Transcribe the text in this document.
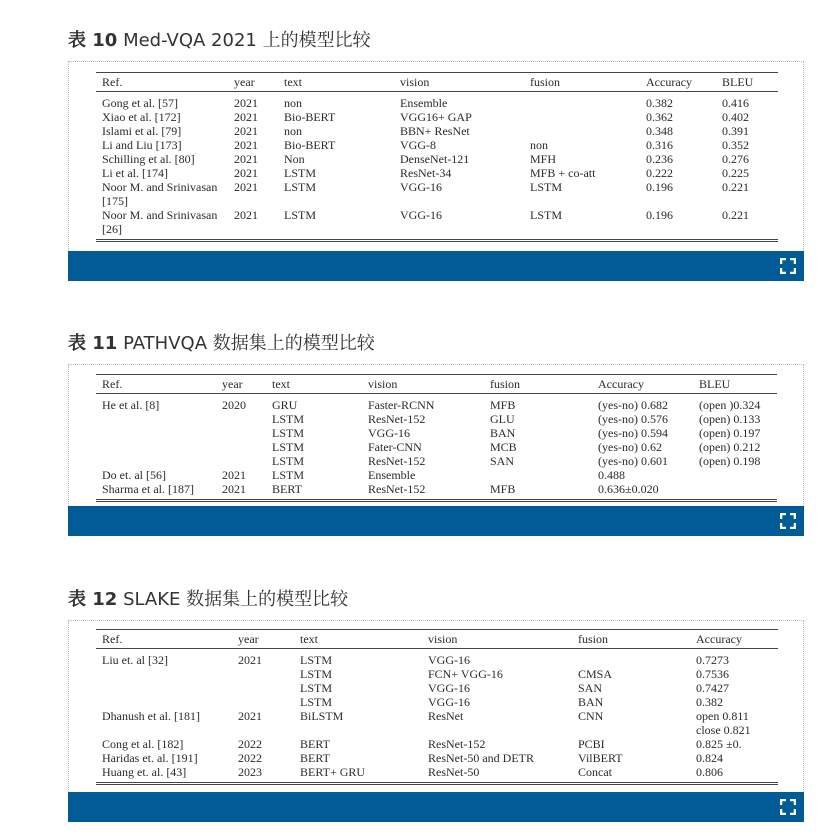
表 10 Med-VQA 2021 上的模型比较
Ref.	year	text	vision	fusion	Accuracy	BLEU
Gong et al. [57]	2021	non	Ensemble		0.382	0.416
Xiao et al. [172]	2021	Bio-BERT	VGG16+ GAP		0.362	0.402
Islami et al. [79]	2021	non	BBN+ ResNet		0.348	0.391
Li and Liu [173]	2021	Bio-BERT	VGG-8	non	0.316	0.352
Schilling et al. [80]	2021	Non	DenseNet-121	MFH	0.236	0.276
Li et al. [174]	2021	LSTM	ResNet-34	MFB + co-att	0.222	0.225
Noor M. and Srinivasan [175]	2021	LSTM	VGG-16	LSTM	0.196	0.221
Noor M. and Srinivasan [26]	2021	LSTM	VGG-16	LSTM	0.196	0.221
表 11 PATHVQA 数据集上的模型比较
Ref.	year	text	vision	fusion	Accuracy	BLEU
He et al. [8]	2020	GRU	Faster-RCNN	MFB	(yes-no) 0.682	(open )0.324
		LSTM	ResNet-152	GLU	(yes-no) 0.576	(open) 0.133
		LSTM	VGG-16	BAN	(yes-no) 0.594	(open) 0.197
		LSTM	Fater-CNN	MCB	(yes-no) 0.62	(open) 0.212
		LSTM	ResNet-152	SAN	(yes-no) 0.601	(open) 0.198
Do et. al [56]	2021	LSTM	Ensemble		0.488	
Sharma et al. [187]	2021	BERT	ResNet-152	MFB	0.636±0.020	
表 12 SLAKE 数据集上的模型比较
Ref.	year	text	vision	fusion	Accuracy
Liu et. al [32]	2021	LSTM	VGG-16		0.7273
		LSTM	FCN+ VGG-16	CMSA	0.7536
		LSTM	VGG-16	SAN	0.7427
		LSTM	VGG-16	BAN	0.382
Dhanush et al. [181]	2021	BiLSTM	ResNet	CNN	open 0.811
					close 0.821
Cong et al. [182]	2022	BERT	ResNet-152	PCBI	0.825 ±0.
Haridas et. al. [191]	2022	BERT	ResNet-50 and DETR	VilBERT	0.824
Huang et. al. [43]	2023	BERT+ GRU	ResNet-50	Concat	0.806
